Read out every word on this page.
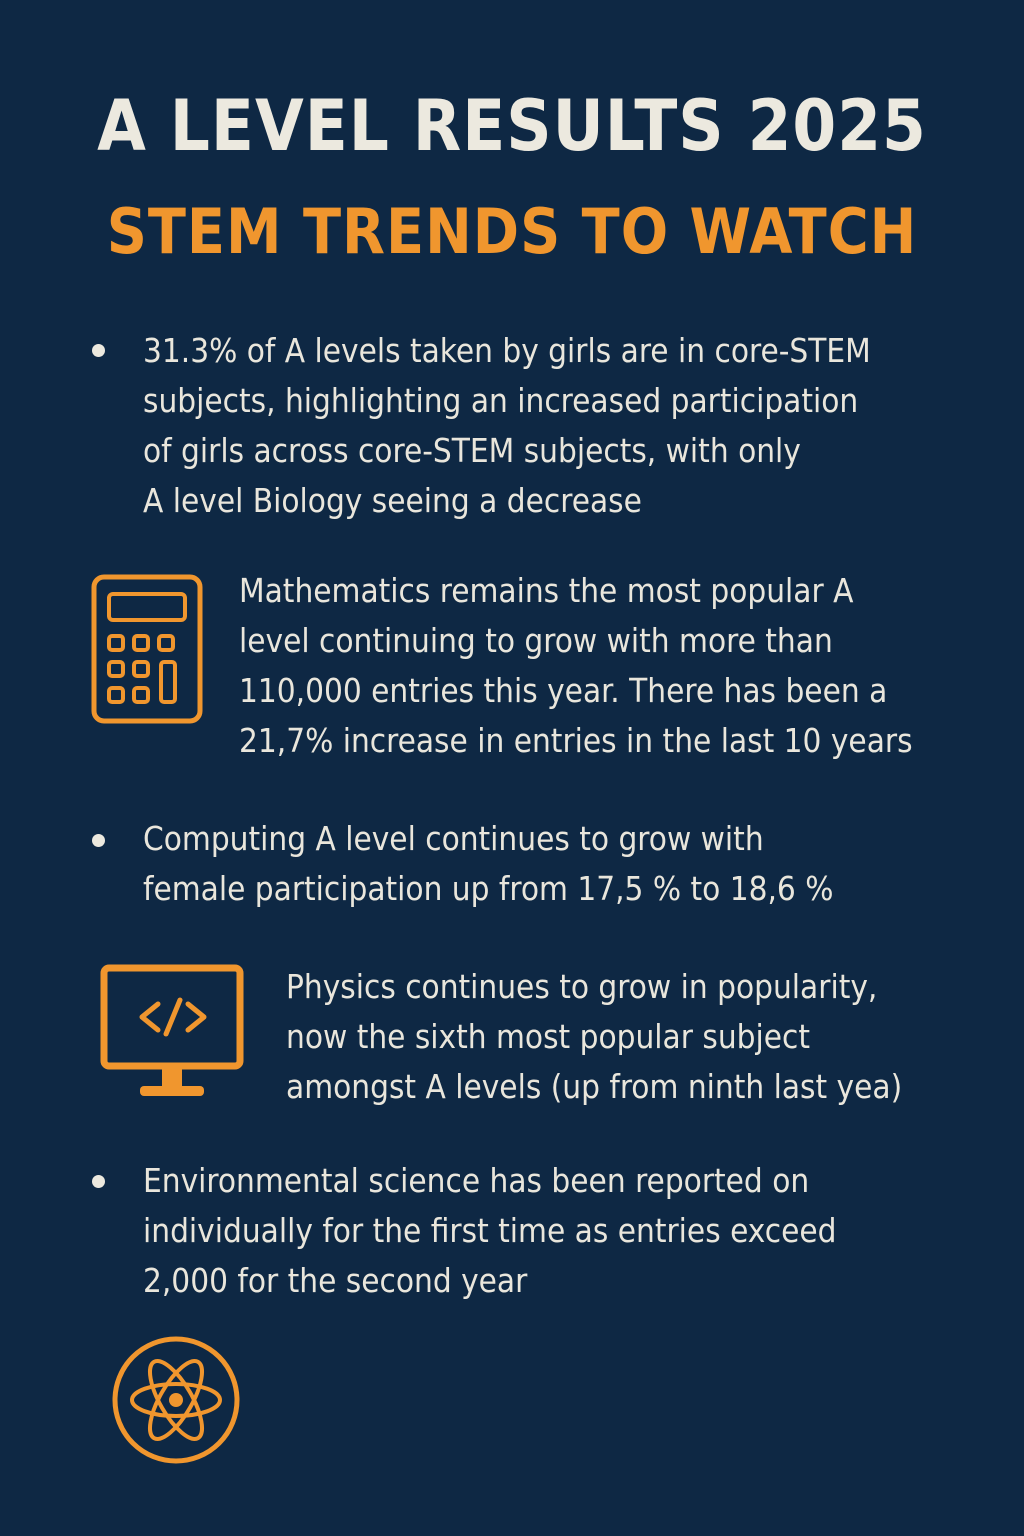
A LEVEL RESULTS 2025
STEM TRENDS TO WATCH
31.3% of A levels taken by girls are in core-STEM
subjects, highlighting an increased participation
of girls across core-STEM subjects, with only
A level Biology seeing a decrease
Mathematics remains the most popular A
level continuing to grow with more than
110,000 entries this year. There has been a
21,7% increase in entries in the last 10 years
Computing A level continues to grow with
female participation up from 17,5 % to 18,6 %
Physics continues to grow in popularity,
now the sixth most popular subject
amongst A levels (up from ninth last yea)
Environmental science has been reported on
individually for the first time as entries exceed
2,000 for the second year
